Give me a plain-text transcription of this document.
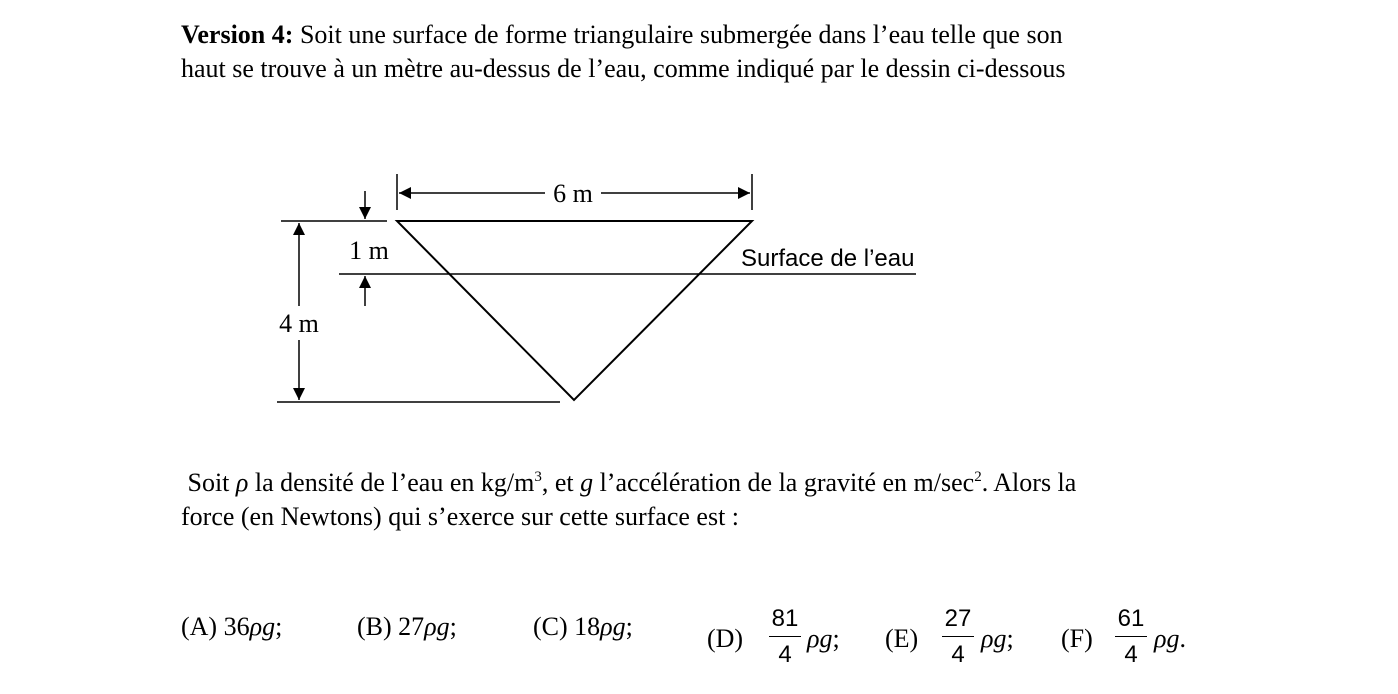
Version 4: Soit une surface de forme triangulaire submergée dans l’eau telle que son
haut se trouve à un mètre au-dessus de l’eau, comme indiqué par le dessin ci-dessous
6 m
1 m
4 m
Surface de l’eau
Soit ρ la densité de l’eau en $kg/m^3$, et g l’accélération de la gravité en $m/\sec^2$. Alors la
force (en Newtons) qui s’exerce sur cette surface est :
(A) 36ρg;	(B) 27ρg;	(C) 18ρg;	(D)
81
4
ρg; (E)
27
4
ρg; (F)
61
4
ρg.
